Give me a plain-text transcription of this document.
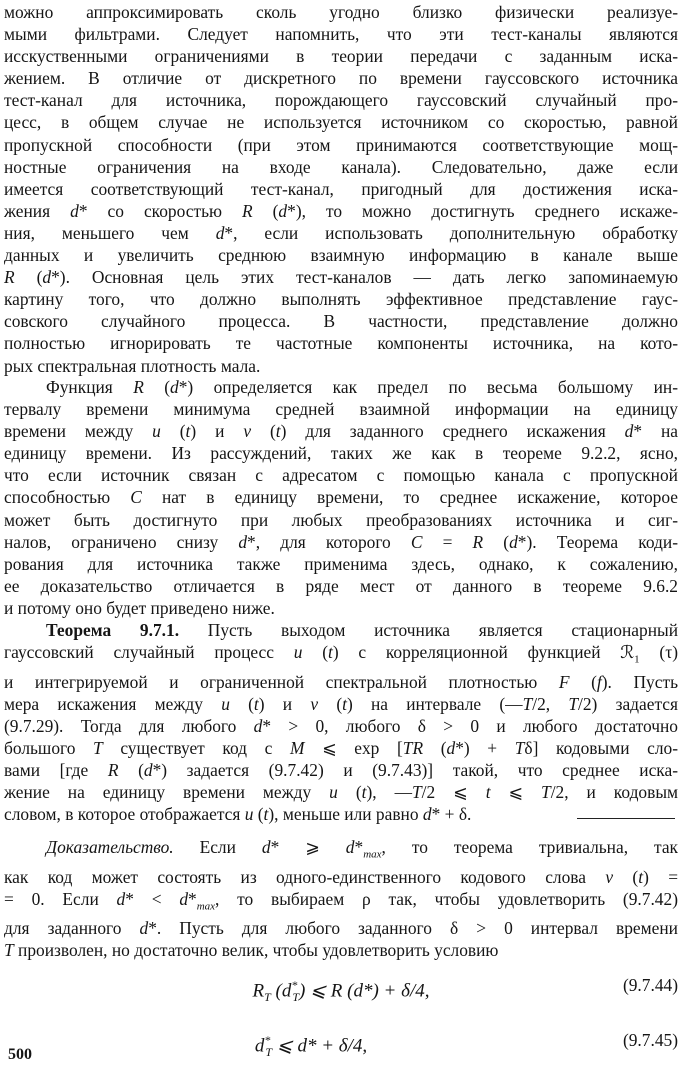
можно аппроксимировать сколь угодно близко физически реализуе-

мыми фильтрами. Следует напомнить, что эти тест-каналы являются

исскуственными ограничениями в теории передачи с заданным иска-

жением. В отличие от дискретного по времени гауссовского источника

тест-канал для источника, порождающего гауссовский случайный про-

цесс, в общем случае не используется источником со скоростью, равной

пропускной способности (при этом принимаются соответствующие мощ-

ностные ограничения на входе канала). Следовательно, даже если

имеется соответствующий тест-канал, пригодный для достижения иска-

жения d* со скоростью R (d*), то можно достигнуть среднего искаже-

ния, меньшего чем d*, если использовать дополнительную обработку

данных и увеличить среднюю взаимную информацию в канале выше

R (d*). Основная цель этих тест-каналов — дать легко запоминаемую

картину того, что должно выполнять эффективное представление гаус-

совского случайного процесса. В частности, представление должно

полностью игнорировать те частотные компоненты источника, на кото-

рых спектральная плотность мала.

Функция R (d*) определяется как предел по весьма большому ин-

тервалу времени минимума средней взаимной информации на единицу

времени между u (t) и v (t) для заданного среднего искажения d* на

единицу времени. Из рассуждений, таких же как в теореме 9.2.2, ясно,

что если источник связан с адресатом с помощью канала с пропускной

способностью C нат в единицу времени, то среднее искажение, которое

может быть достигнуто при любых преобразованиях источника и сиг-

налов, ограничено снизу d*, для которого C = R (d*). Теорема коди-

рования для источника также применима здесь, однако, к сожалению,

ее доказательство отличается в ряде мест от данного в теореме 9.6.2

и потому оно будет приведено ниже.

Теорема 9.7.1. Пусть выходом источника является стационарный

гауссовский случайный процесс u (t) с корреляционной функцией ℛ$_1$ (τ)

и интегрируемой и ограниченной спектральной плотностью F (f). Пусть

мера искажения между u (t) и v (t) на интервале (—T/2, T/2) задается

(9.7.29). Тогда для любого d* > 0, любого δ > 0 и любого достаточно

большого T существует код с M ⩽ exp [TR (d*) + Tδ] кодовыми сло-

вами [где R (d*) задается (9.7.42) и (9.7.43)] такой, что среднее иска-

жение на единицу времени между u (t), —T/2 ⩽ t ⩽ T/2, и кодовым

словом, в которое отображается u (t), меньше или равно d* + δ.

Доказательство. Если d* ⩾ $d*_{max}$, то теорема тривиальна, так

как код может состоять из одного-единственного кодового слова v (t) =

= 0. Если $d* < d*_{max}$, то выбираем ρ так, чтобы удовлетворить (9.7.42)

для заданного d*. Пусть для любого заданного δ > 0 интервал времени

T произволен, но достаточно велик, чтобы удовлетворить условию

$R_T$ $(d^*_T)$ ⩽ R (d*) + δ/4,	(9.7.44)
$d^*_T$ ⩽ d* + δ/4,	(9.7.45)
500
